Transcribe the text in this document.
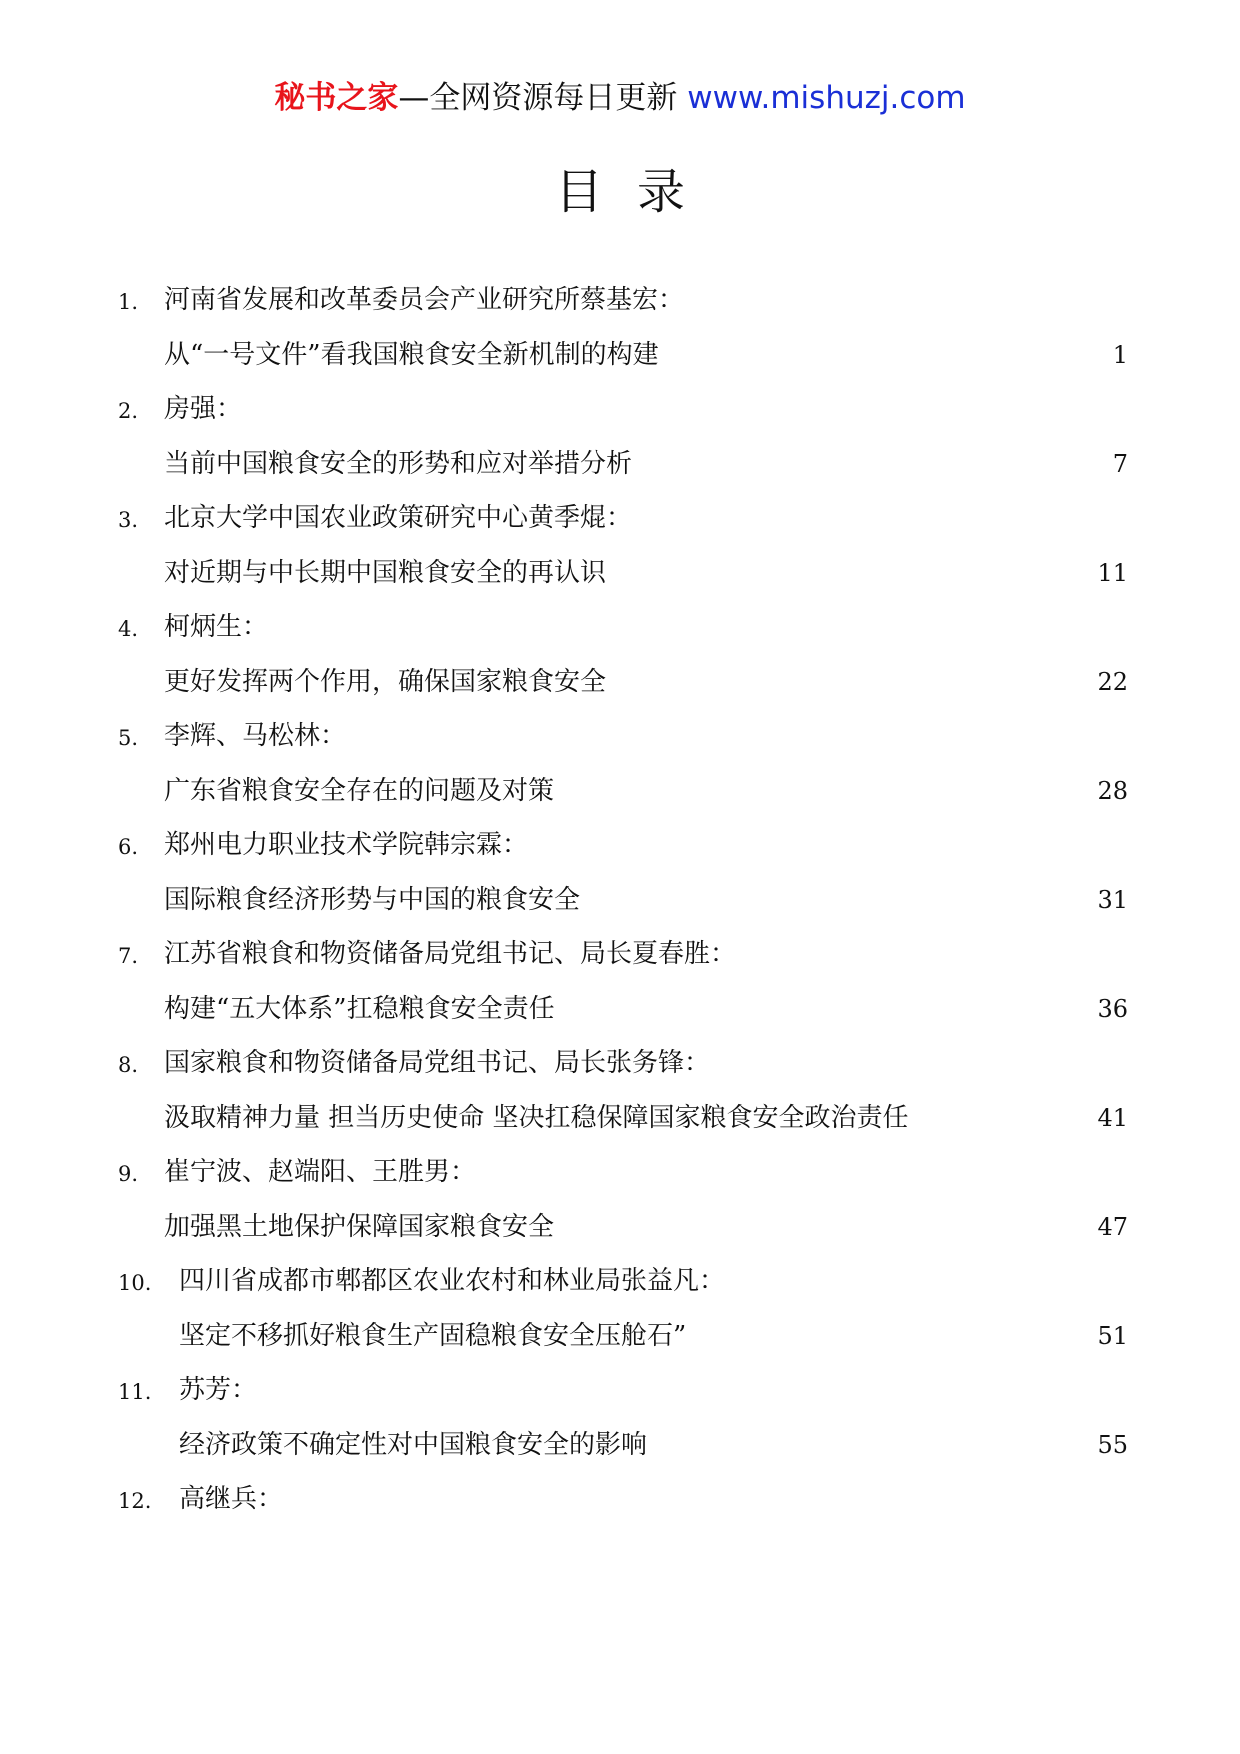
秘书之家—全网资源每日更新 www.mishuzj.com
目录
1. 河南省发展和改革委员会产业研究所蔡基宏：
从“一号文件”看我国粮食安全新机制的构建	1
2. 房强：
当前中国粮食安全的形势和应对举措分析	7
3. 北京大学中国农业政策研究中心黄季焜：
对近期与中长期中国粮食安全的再认识	11
4. 柯炳生：
更好发挥两个作用，确保国家粮食安全	22
5. 李辉、马松林：
广东省粮食安全存在的问题及对策	28
6. 郑州电力职业技术学院韩宗霖：
国际粮食经济形势与中国的粮食安全	31
7. 江苏省粮食和物资储备局党组书记、局长夏春胜：
构建“五大体系”扛稳粮食安全责任	36
8. 国家粮食和物资储备局党组书记、局长张务锋：
汲取精神力量 担当历史使命 坚决扛稳保障国家粮食安全政治责任	41
9. 崔宁波、赵端阳、王胜男：
加强黑土地保护保障国家粮食安全	47
10. 四川省成都市郫都区农业农村和林业局张益凡：
坚定不移抓好粮食生产固稳粮食安全压舱石”	51
11. 苏芳：
经济政策不确定性对中国粮食安全的影响	55
12. 高继兵：
